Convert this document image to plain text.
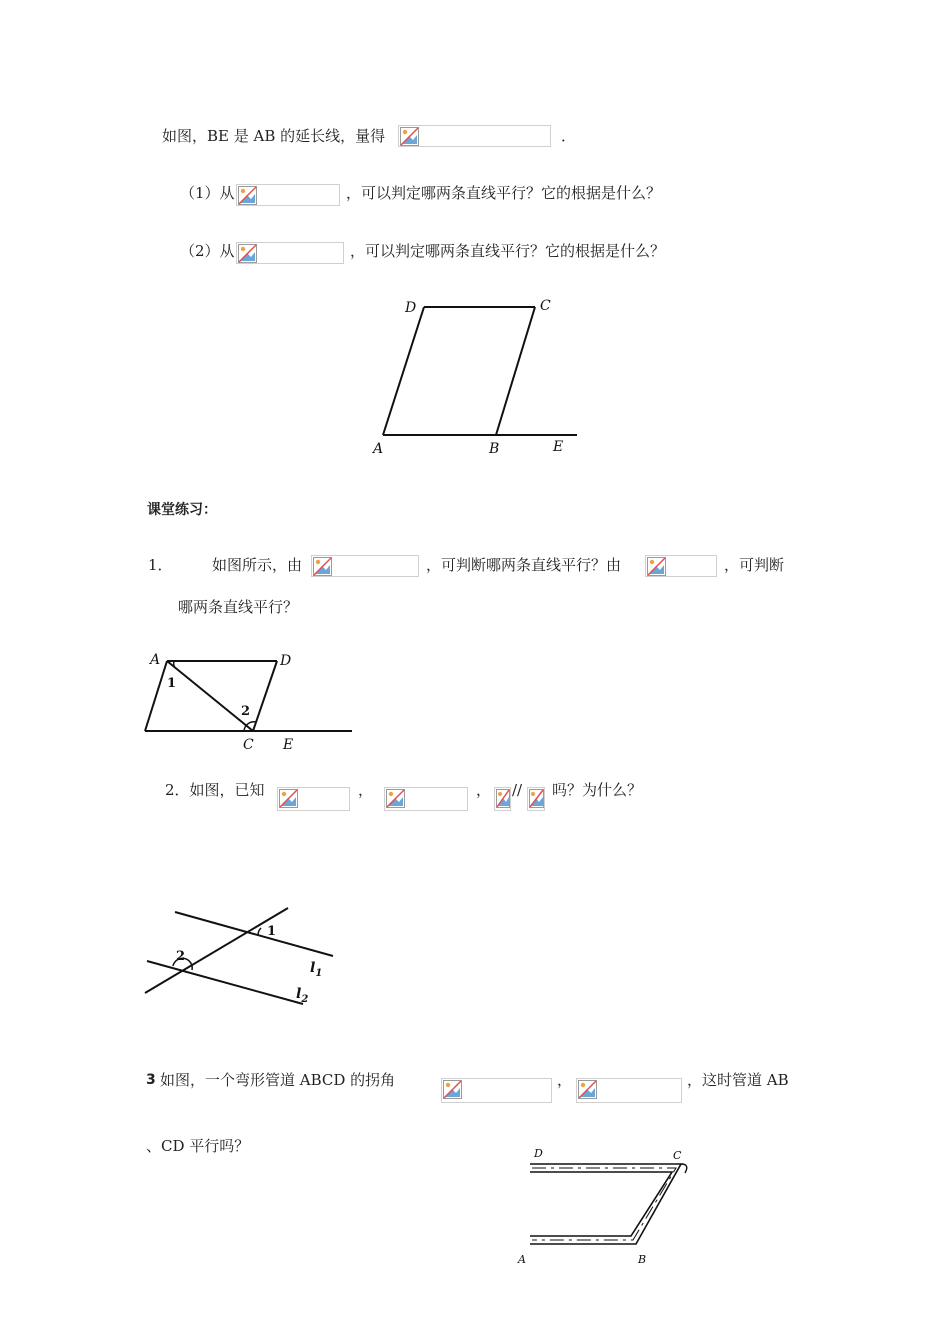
如图，BE 是 AB 的延长线，量得	．
（1）从	，可以判定哪两条直线平行？它的根据是什么？
（2）从	，可以判定哪两条直线平行？它的根据是什么？
D	C
A	B	E
课堂练习：
1．	如图所示，由	，可判断哪两条直线平行？由	，可判断
哪两条直线平行？
A	D
C E
1
2
2．如图，已知	，	， // 吗？为什么？
1
2
$l_1$
$l_2$
3 如图，一个弯形管道 ABCD 的拐角	，	，这时管道 AB
、CD 平行吗？	D	C
A	B
